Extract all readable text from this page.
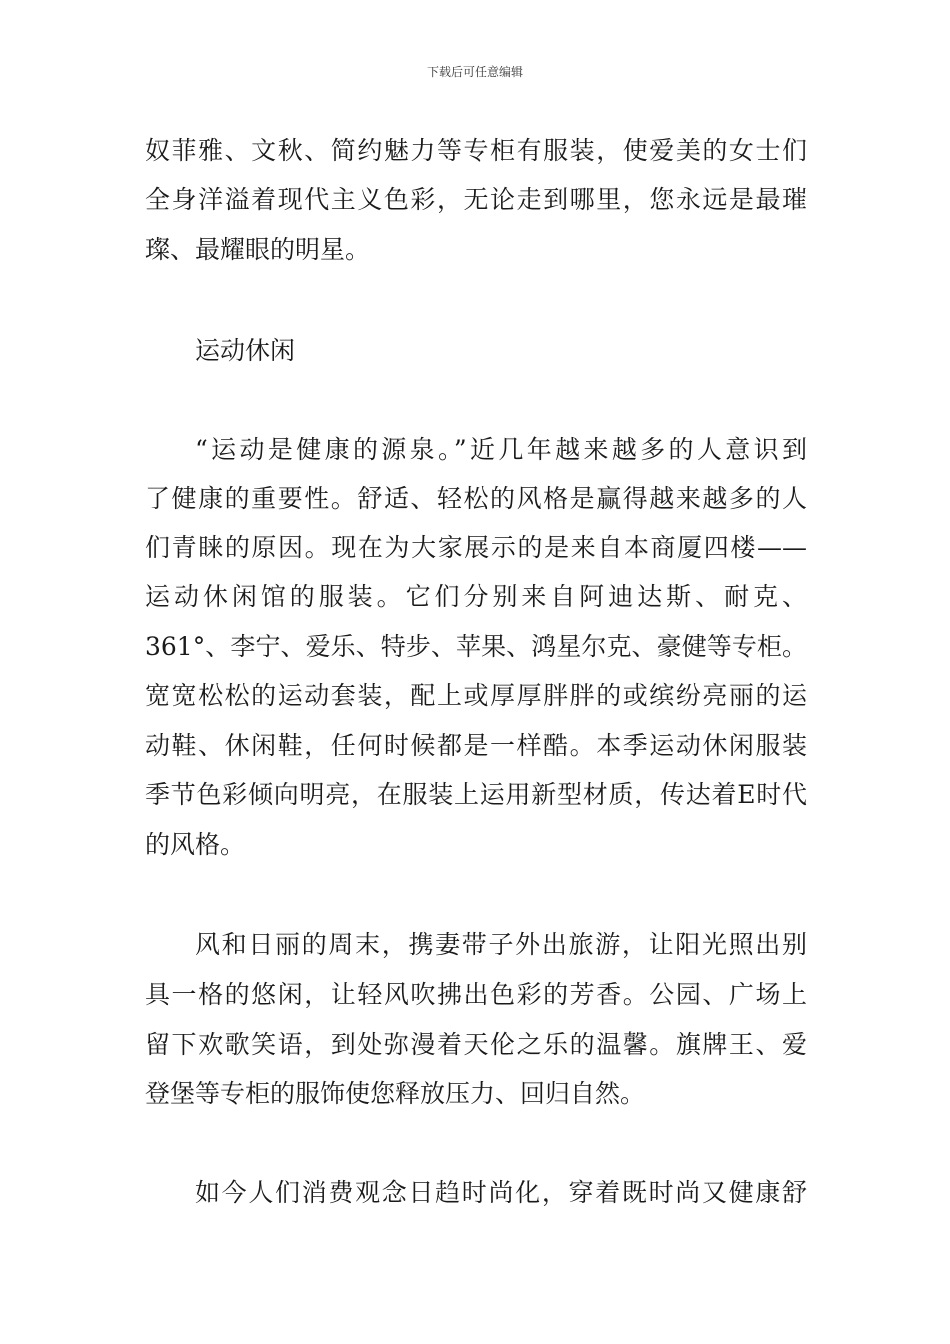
下载后可任意编辑
奴菲雅、文秋、简约魅力等专柜有服装，使爱美的女士们
全身洋溢着现代主义色彩，无论走到哪里，您永远是最璀
璨、最耀眼的明星。
运动休闲
“运动是健康的源泉。”近几年越来越多的人意识到
了健康的重要性。舒适、轻松的风格是赢得越来越多的人
们青睐的原因。现在为大家展示的是来自本商厦四楼——
运动休闲馆的服装。它们分别来自阿迪达斯、耐克、
361°、李宁、爱乐、特步、苹果、鸿星尔克、豪健等专柜。
宽宽松松的运动套装，配上或厚厚胖胖的或缤纷亮丽的运
动鞋、休闲鞋，任何时候都是一样酷。本季运动休闲服装
季节色彩倾向明亮，在服装上运用新型材质，传达着E时代
的风格。
风和日丽的周末，携妻带子外出旅游，让阳光照出别
具一格的悠闲，让轻风吹拂出色彩的芳香。公园、广场上
留下欢歌笑语，到处弥漫着天伦之乐的温馨。旗牌王、爱
登堡等专柜的服饰使您释放压力、回归自然。
如今人们消费观念日趋时尚化，穿着既时尚又健康舒
